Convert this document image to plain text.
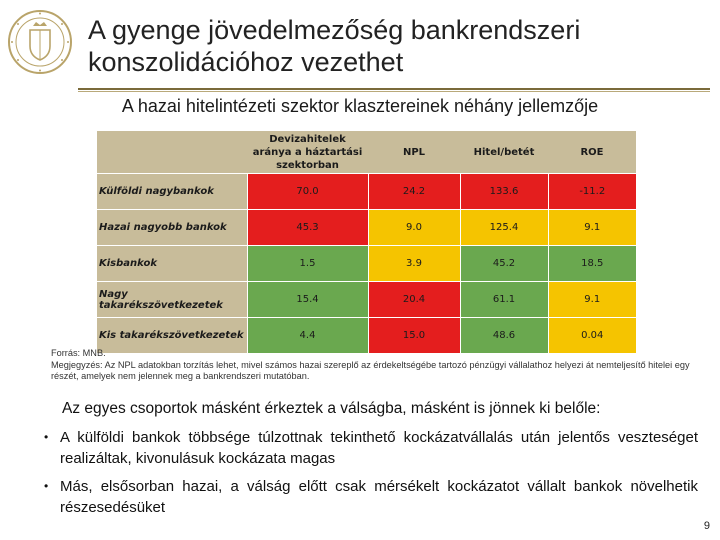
A gyenge jövedelmezőség bankrendszeri konszolidációhoz vezethet
A hazai hitelintézeti szektor klasztereinek néhány jellemzője
	Devizahitelek aránya a háztartási szektorban	NPL	Hitel/betét	ROE
Külföldi nagybankok	70.0	24.2	133.6	-11.2
Hazai nagyobb bankok	45.3	9.0	125.4	9.1
Kisbankok	1.5	3.9	45.2	18.5
Nagy takarékszövetkezetek	15.4	20.4	61.1	9.1
Kis takarékszövetkezetek	4.4	15.0	48.6	0.04
Forrás: MNB.
Megjegyzés: Az NPL adatokban torzítás lehet, mivel számos hazai szereplő az érdekeltségébe tartozó pénzügyi vállalathoz helyezi át nemteljesítő hitelei egy részét, amelyek nem jelennek meg a bankrendszeri mutatóban.
Az egyes csoportok másként érkeztek a válságba, másként is jönnek ki belőle:
• A külföldi bankok többsége túlzottnak tekinthető kockázatvállalás után jelentős veszteséget realizáltak, kivonulásuk kockázata magas
• Más, elsősorban hazai, a válság előtt csak mérsékelt kockázatot vállalt bankok növelhetik részesedésüket
9
